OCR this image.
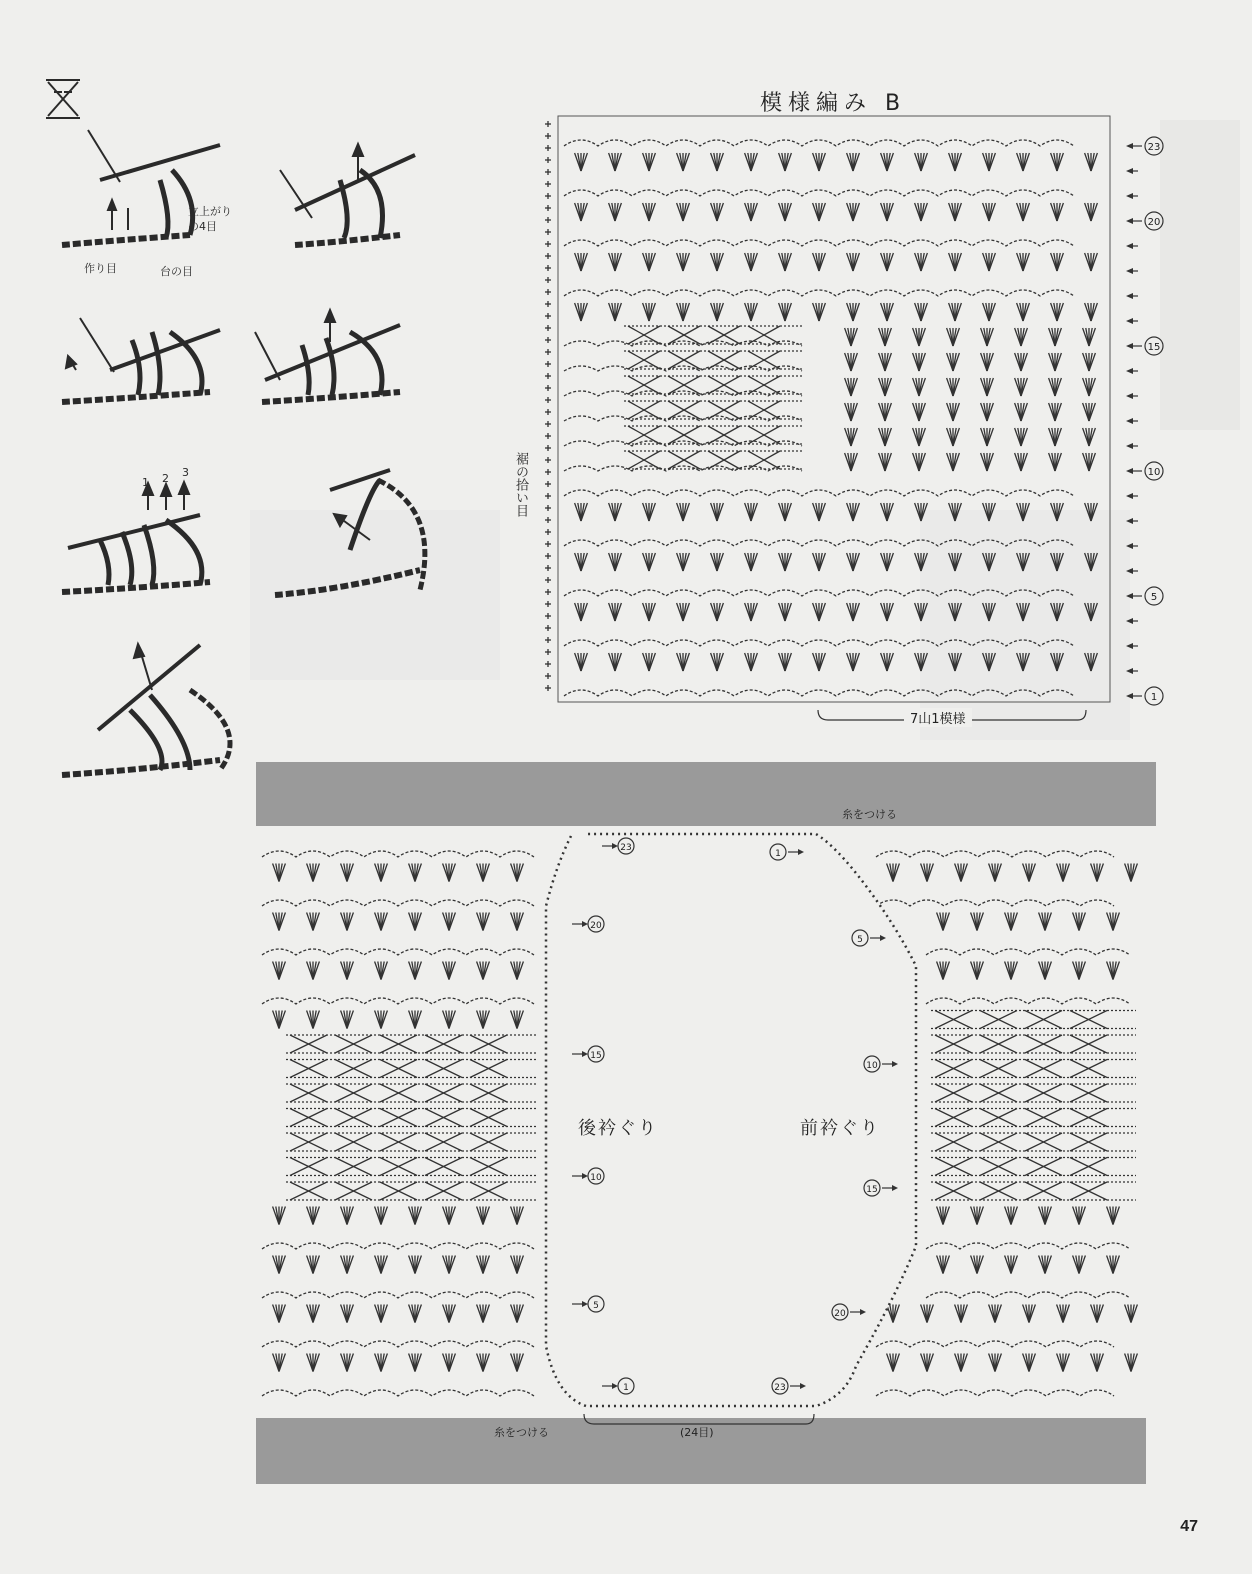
立上がり
の4目
作り目	台の目
1 2 3
模様編み B
23
20
15
10
5
1
裾の拾い目
7山1模様
23
20
15
10
5
1
1
5
10
15
20
23
後衿ぐり	前衿ぐり
糸をつける
糸をつける	(24目)
47
